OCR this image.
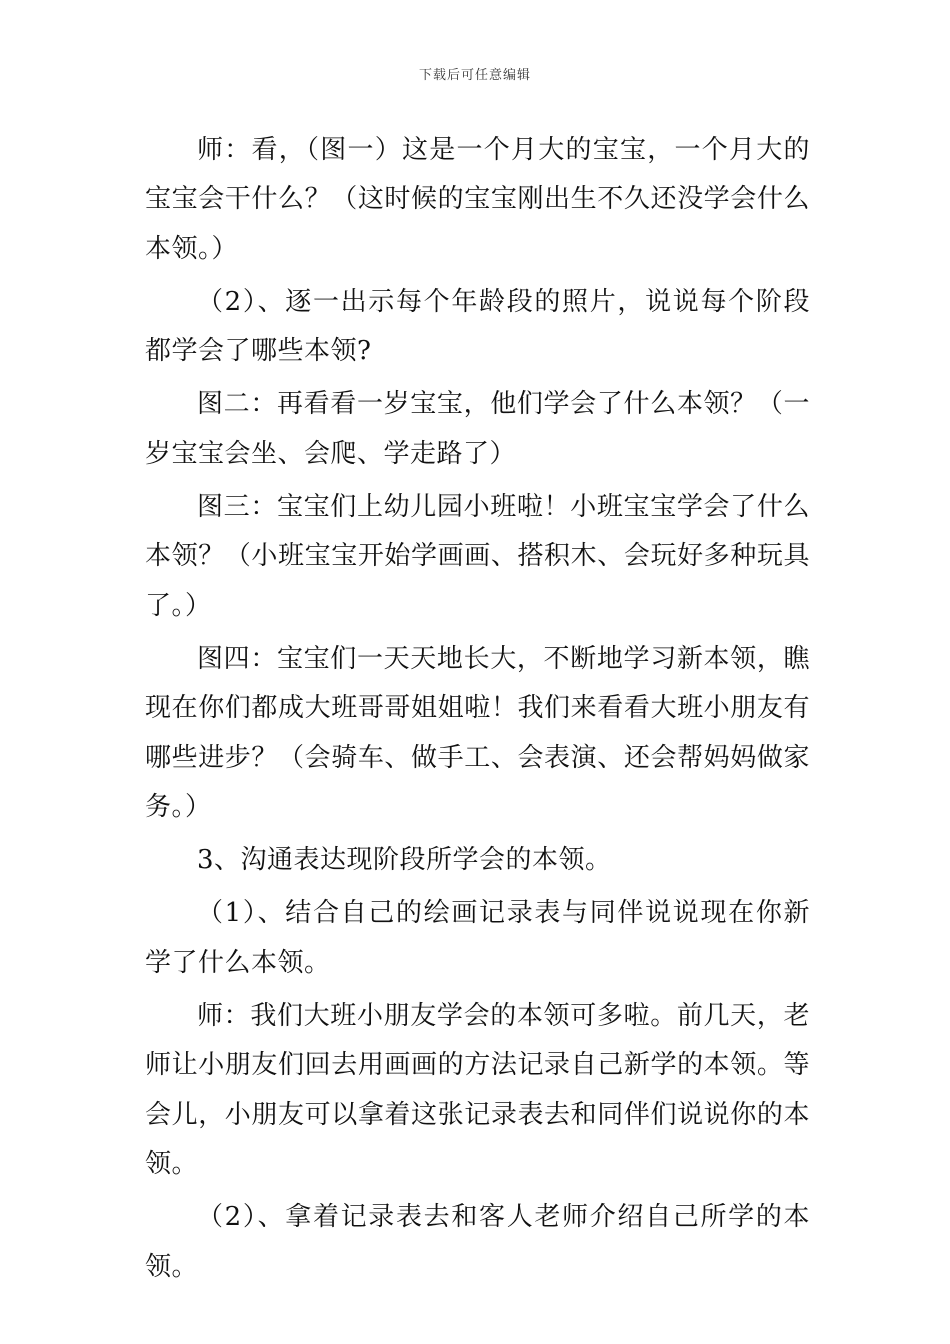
下载后可任意编辑

师：看，（图一）这是一个月大的宝宝，一个月大的宝宝会干什么？（这时候的宝宝刚出生不久还没学会什么本领。）

（2）、逐一出示每个年龄段的照片，说说每个阶段都学会了哪些本领?

图二：再看看一岁宝宝，他们学会了什么本领？（一岁宝宝会坐、会爬、学走路了）

图三：宝宝们上幼儿园小班啦！小班宝宝学会了什么本领？（小班宝宝开始学画画、搭积木、会玩好多种玩具了。）

图四：宝宝们一天天地长大，不断地学习新本领，瞧现在你们都成大班哥哥姐姐啦！我们来看看大班小朋友有哪些进步？（会骑车、做手工、会表演、还会帮妈妈做家务。）

3、沟通表达现阶段所学会的本领。

（1）、结合自己的绘画记录表与同伴说说现在你新学了什么本领。

师：我们大班小朋友学会的本领可多啦。前几天，老师让小朋友们回去用画画的方法记录自己新学的本领。等会儿，小朋友可以拿着这张记录表去和同伴们说说你的本领。

（2）、拿着记录表去和客人老师介绍自己所学的本领。
